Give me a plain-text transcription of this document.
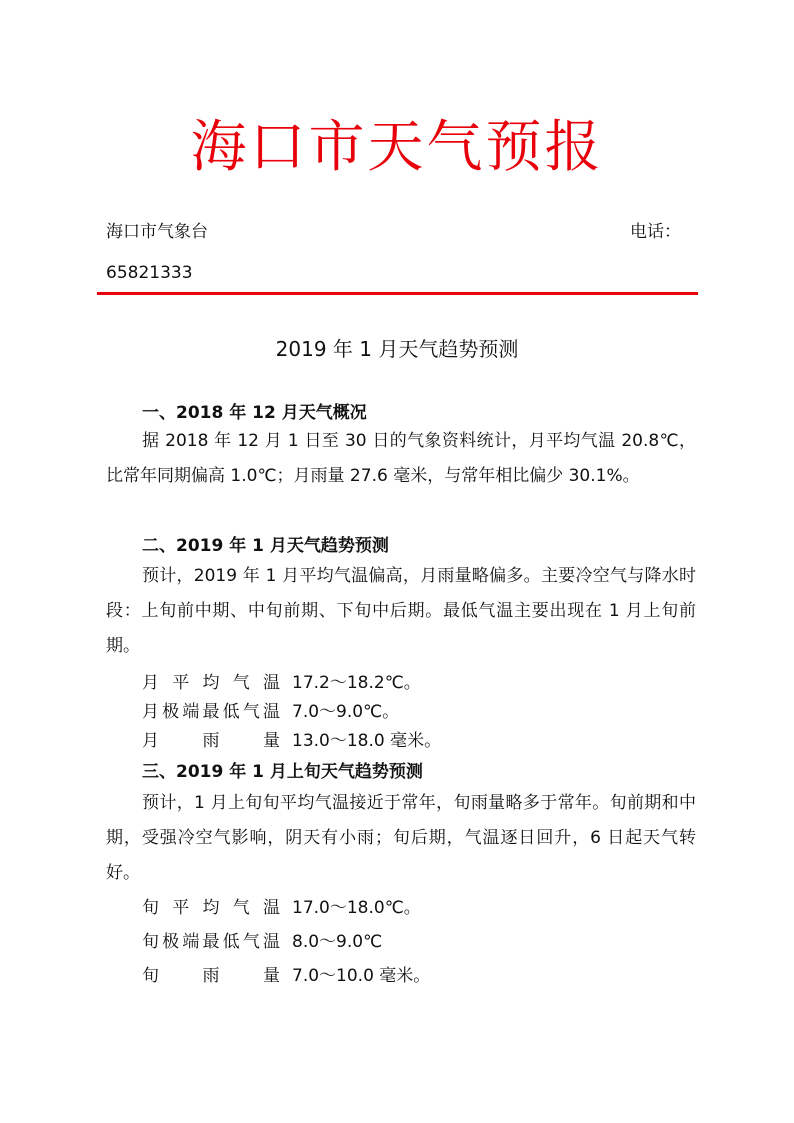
海口市天气预报
海口市气象台	电话：
65821333
2019 年 1 月天气趋势预测
一、2018 年 12 月天气概况
据 2018 年 12 月 1 日至 30 日的气象资料统计，月平均气温 20.8℃，比常年同期偏高 1.0℃；月雨量 27.6 毫米，与常年相比偏少 30.1%。
二、2019 年 1 月天气趋势预测
预计，2019 年 1 月平均气温偏高，月雨量略偏多。主要冷空气与降水时段：上旬前中期、中旬前期、下旬中后期。最低气温主要出现在 1 月上旬前期。
月平均气温 17.2～18.2℃。
月极端最低气温 7.0～9.0℃。
月雨量 13.0～18.0 毫米。
三、2019 年 1 月上旬天气趋势预测
预计，1 月上旬旬平均气温接近于常年，旬雨量略多于常年。旬前期和中期，受强冷空气影响，阴天有小雨；旬后期，气温逐日回升，6 日起天气转好。
旬平均气温 17.0～18.0℃。
旬极端最低气温 8.0～9.0℃
旬雨量 7.0～10.0 毫米。
